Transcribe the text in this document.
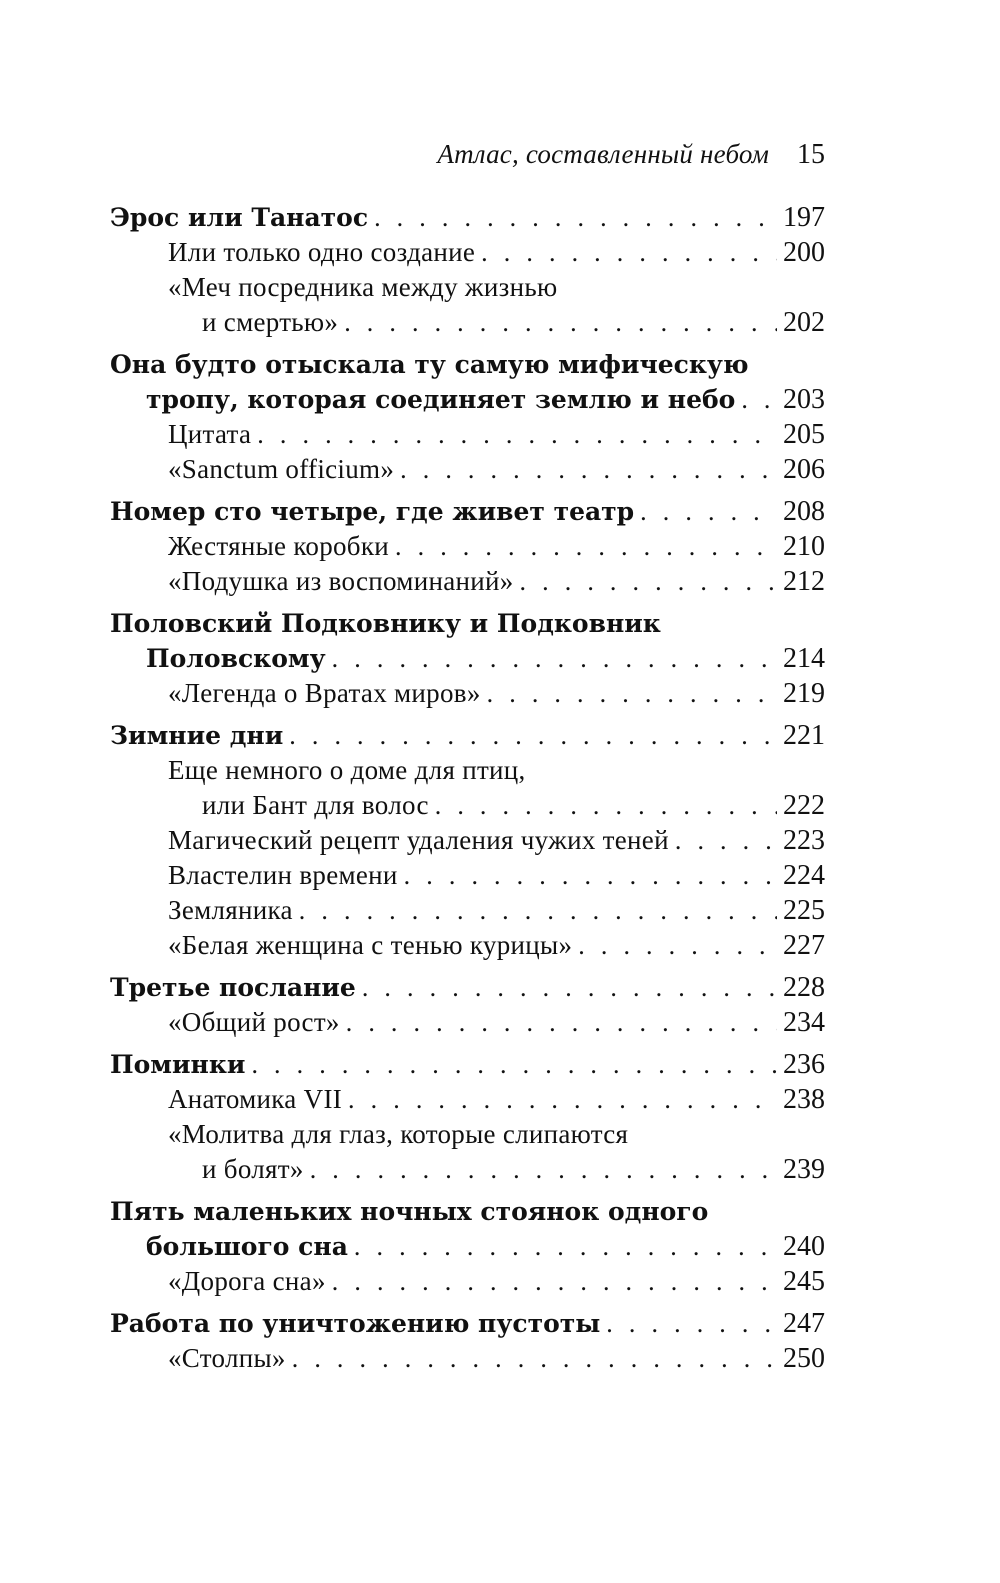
Атлас, составленный небом 15
Эрос или Танатос . . .	197
Или только одно создание . . .	200
«Меч посредника между жизнью
и смертью» . . .	202
Она будто отыскала ту самую мифическую
тропу, которая соединяет землю и небо . . . 203
Цитата . . .	205
«Sanctum officium» . . .	206
Номер сто четыре, где живет театр . . .	208
Жестяные коробки . . .	210
«Подушка из воспоминаний» . . .	212
Половский Подковнику и Подковник
Половскому . . .	214
«Легенда о Вратах миров» . . .	219
Зимние дни . . .	221
Еще немного о доме для птиц,
или Бант для волос . . .	222
Магический рецепт удаления чужих теней . . .	223
Властелин времени . . .	224
Земляника . . .	225
«Белая женщина с тенью курицы» . . .	227
Третье послание . . .	228
«Общий рост» . . .	234
Поминки . . .	236
Анатомика VII . . .	238
«Молитва для глаз, которые слипаются
и болят» . . .	239
Пять маленьких ночных стоянок одного
большого сна . . .	240
«Дорога сна» . . .	245
Работа по уничтожению пустоты . . .	247
«Столпы» . . .	250
